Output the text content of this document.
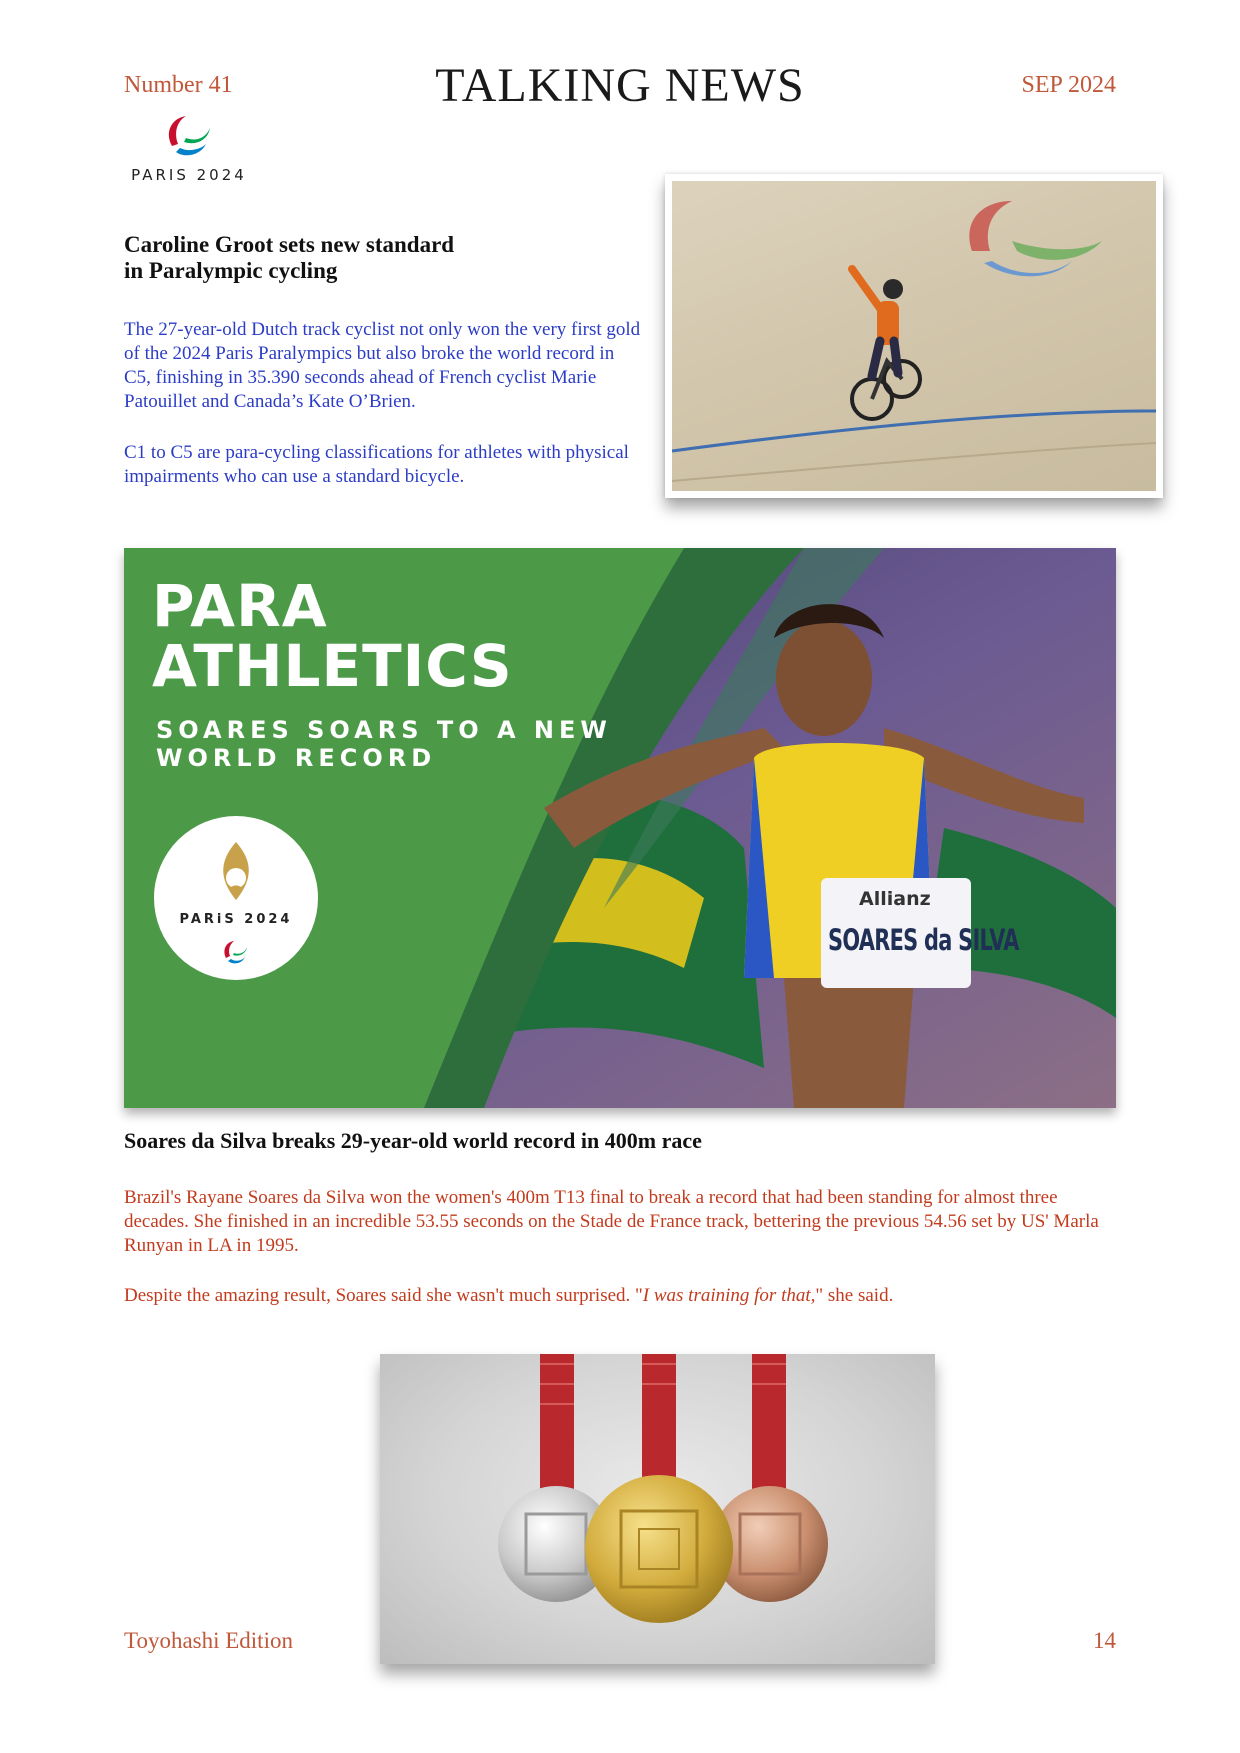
Number 41	TALKING NEWS	SEP 2024
PARIS 2024
Caroline Groot sets new standard
in Paralympic cycling
The 27-year-old Dutch track cyclist not only won the very first gold of the 2024 Paris Paralympics but also broke the world record in C5, finishing in 35.390 seconds ahead of French cyclist Marie Patouillet and Canada’s Kate O’Brien.
C1 to C5 are para-cycling classifications for athletes with physical impairments who can use a standard bicycle.
PARA
ATHLETICS
SOARES SOARS TO A NEW
WORLD RECORD
PARiS 2024
Allianz
SOARES da SILVA
Soares da Silva breaks 29-year-old world record in 400m race
Brazil's Rayane Soares da Silva won the women's 400m T13 final to break a record that had been standing for almost three decades. She finished in an incredible 53.55 seconds on the Stade de France track, bettering the previous 54.56 set by US' Marla Runyan in LA in 1995.
Despite the amazing result, Soares said she wasn't much surprised. "I was training for that," she said.
Toyohashi Edition	14
